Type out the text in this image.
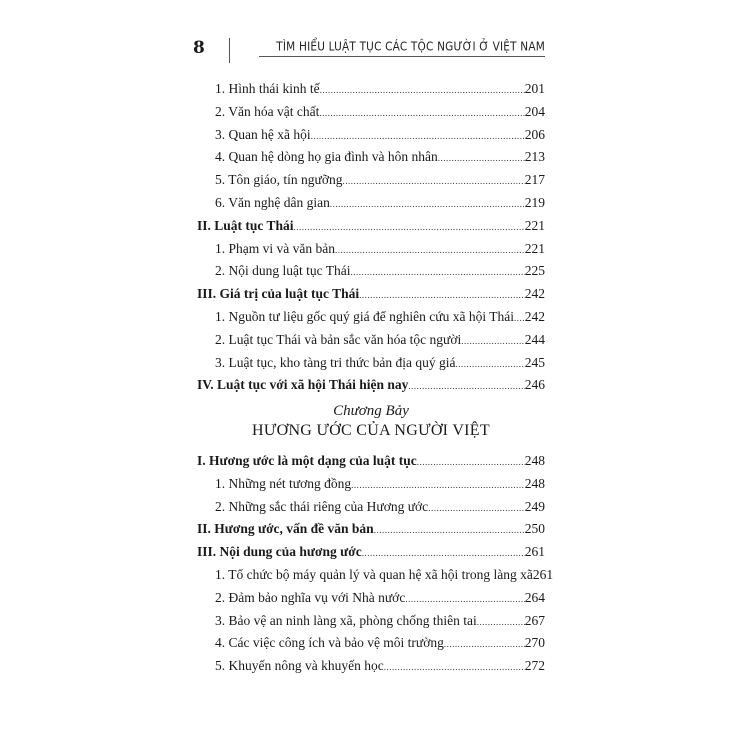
8	TÌM HIỂU LUẬT TỤC CÁC TỘC NGƯỜI Ở VIỆT NAM
1. Hình thái kinh tế .....	201
2. Văn hóa vật chất .....	204
3. Quan hệ xã hội .....	206
4. Quan hệ dòng họ gia đình và hôn nhân .....	213
5. Tôn giáo, tín ngưỡng .....	217
6. Văn nghệ dân gian .....	219
II. Luật tục Thái .....	221
1. Phạm vi và văn bản .....	221
2. Nội dung luật tục Thái .....	225
III. Giá trị của luật tục Thái .....	242
1. Nguồn tư liệu gốc quý giá để nghiên cứu xã hội Thái ..... 242
2. Luật tục Thái và bản sắc văn hóa tộc người .....	244
3. Luật tục, kho tàng tri thức bản địa quý giá .....	245
IV. Luật tục với xã hội Thái hiện nay .....	246
Chương Bảy
HƯƠNG ƯỚC CỦA NGƯỜI VIỆT
I. Hương ước là một dạng của luật tục .....	248
1. Những nét tương đồng .....	248
2. Những sắc thái riêng của Hương ước .....	249
II. Hương ước, vấn đề văn bản .....	250
III. Nội dung của hương ước .....	261
1. Tổ chức bộ máy quản lý và quan hệ xã hội trong làng xã 261
2. Đảm bảo nghĩa vụ với Nhà nước .....	264
3. Bảo vệ an ninh làng xã, phòng chống thiên tai .....	267
4. Các việc công ích và bảo vệ môi trường .....	270
5. Khuyến nông và khuyến học .....	272
